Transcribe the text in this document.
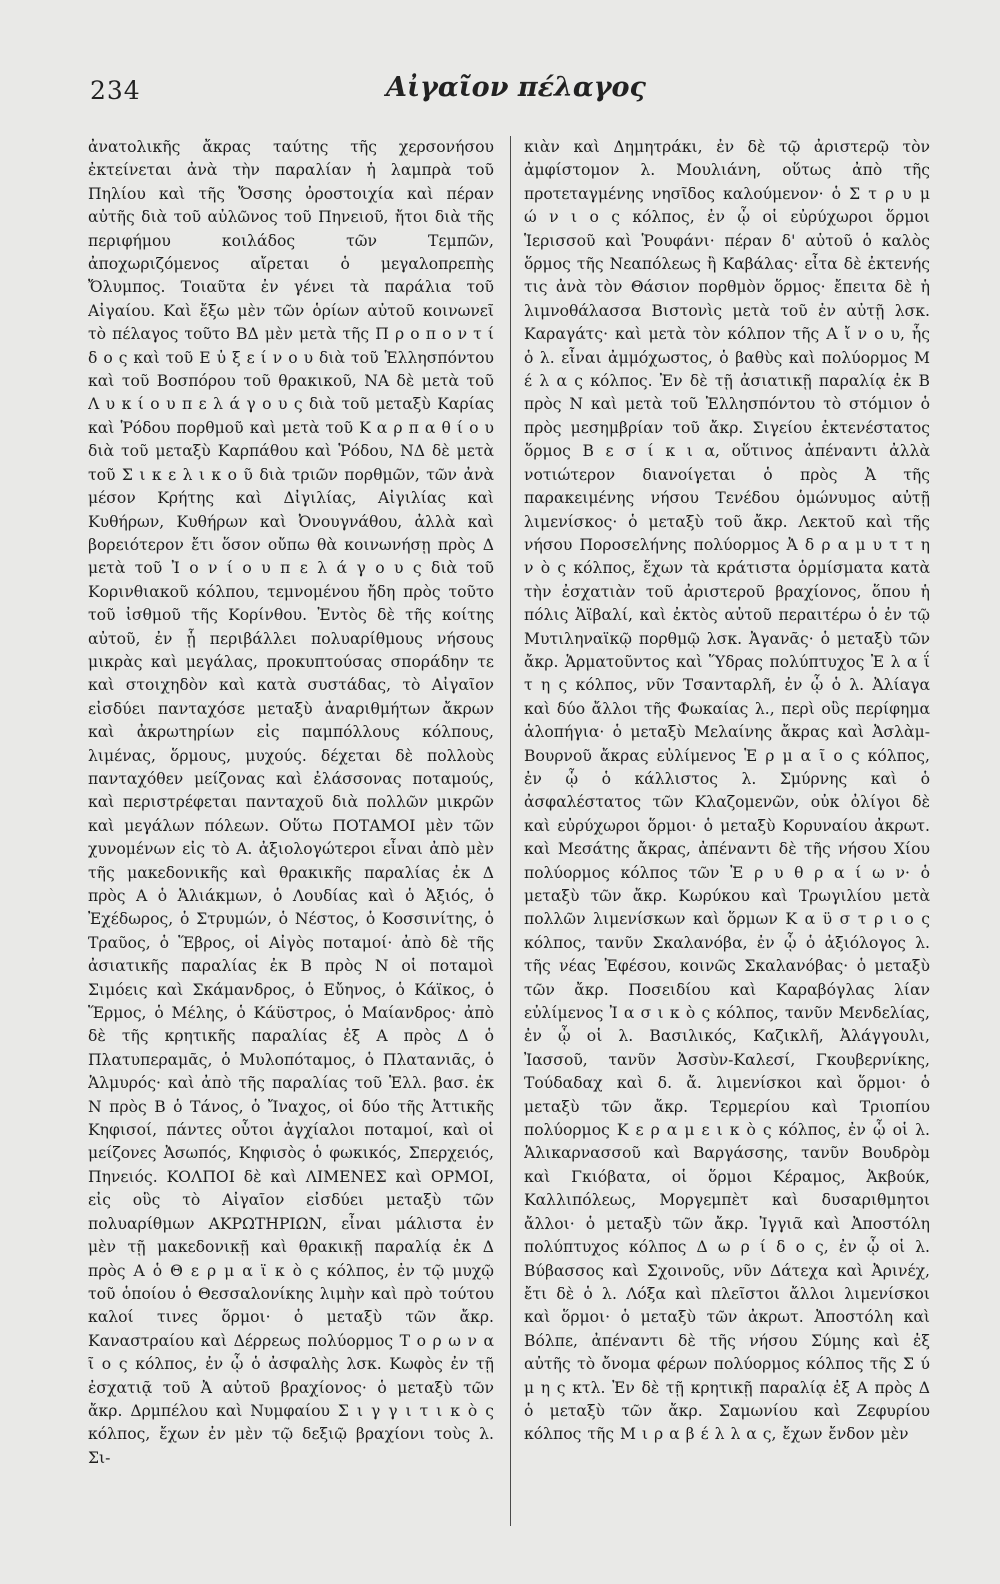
234	Αἰγαῖον πέλαγος

ἀνατολικῆς ἄκρας ταύτης τῆς χερσονήσου ἐκτείνεται ἀνὰ τὴν παραλίαν ἡ λαμπρὰ τοῦ Πηλίου καὶ τῆς Ὄσσης ὀροστοιχία καὶ πέραν αὐτῆς διὰ τοῦ αὐλῶνος τοῦ Πηνειοῦ, ἤτοι διὰ τῆς περιφήμου κοιλάδος τῶν Τεμπῶν, ἀποχωριζόμενος αἴρεται ὁ μεγαλοπρεπὴς Ὄλυμπος. Τοιαῦτα ἐν γένει τὰ παράλια τοῦ Αἰγαίου. Καὶ ἔξω μὲν τῶν ὁρίων αὐτοῦ κοινωνεῖ τὸ πέλαγος τοῦτο ΒΔ μὲν μετὰ τῆς Π ρ ο π ο ν τ ί δ ο ς καὶ τοῦ Ε ὐ ξ ε ί ν ο υ διὰ τοῦ Ἑλλησπόντου καὶ τοῦ Βοσπόρου τοῦ θρακικοῦ, ΝΑ δὲ μετὰ τοῦ Λ υ κ ί ο υ π ε λ ά γ ο υ ς διὰ τοῦ μεταξὺ Καρίας καὶ Ῥόδου πορθμοῦ καὶ μετὰ τοῦ Κ α ρ π α θ ί ο υ διὰ τοῦ μεταξὺ Καρπάθου καὶ Ῥόδου, ΝΔ δὲ μετὰ τοῦ Σ ι κ ε λ ι κ ο ῦ διὰ τριῶν πορθμῶν, τῶν ἀνὰ μέσον Κρήτης καὶ Δἰγιλίας, Αἰγιλίας καὶ Κυθήρων, Κυθήρων καὶ Ὀνουγνάθου, ἀλλὰ καὶ βορειότερον ἔτι ὅσον οὔπω θὰ κοινωνήσῃ πρὸς Δ μετὰ τοῦ Ἰ ο ν ί ο υ π ε λ ά γ ο υ ς διὰ τοῦ Κορινθιακοῦ κόλπου, τεμνομένου ἤδη πρὸς τοῦτο τοῦ ἰσθμοῦ τῆς Κορίνθου. Ἐντὸς δὲ τῆς κοίτης αὐτοῦ, ἐν ᾗ περιβάλλει πολυαρίθμους νήσους μικρὰς καὶ μεγάλας, προκυπτούσας σποράδην τε καὶ στοιχηδὸν καὶ κατὰ συστάδας, τὸ Αἰγαῖον εἰσδύει πανταχόσε μεταξὺ ἀναριθμήτων ἄκρων καὶ ἀκρωτηρίων εἰς παμπόλλους κόλπους, λιμένας, ὅρμους, μυχούς. δέχεται δὲ πολλοὺς πανταχόθεν μείζονας καὶ ἐλάσσονας ποταμούς, καὶ περιστρέφεται πανταχοῦ διὰ πολλῶν μικρῶν καὶ μεγάλων πόλεων. Οὕτω ΠΟΤΑΜΟΙ μὲν τῶν χυνομένων εἰς τὸ Α. ἀξιολογώτεροι εἶναι ἀπὸ μὲν τῆς μακεδονικῆς καὶ θρακικῆς παραλίας ἐκ Δ πρὸς Α ὁ Ἁλιάκμων, ὁ Λουδίας καὶ ὁ Ἀξιός, ὁ Ἐχέδωρος, ὁ Στρυμών, ὁ Νέστος, ὁ Κοσσινίτης, ὁ Τραῦος, ὁ Ἕβρος, οἱ Αἰγὸς ποταμοί· ἀπὸ δὲ τῆς ἀσιατικῆς παραλίας ἐκ Β πρὸς Ν οἱ ποταμοὶ Σιμόεις καὶ Σκάμανδρος, ὁ Εὔηνος, ὁ Κάϊκος, ὁ Ἕρμος, ὁ Μέλης, ὁ Κάϋστρος, ὁ Μαίανδρος· ἀπὸ δὲ τῆς κρητικῆς παραλίας ἐξ Α πρὸς Δ ὁ Πλατυπεραμᾶς, ὁ Μυλοπόταμος, ὁ Πλατανιᾶς, ὁ Ἁλμυρός· καὶ ἀπὸ τῆς παραλίας τοῦ Ἑλλ. βασ. ἐκ Ν πρὸς Β ὁ Τάνος, ὁ Ἴναχος, οἱ δύο τῆς Ἀττικῆς Κηφισοί, πάντες οὗτοι ἀγχίαλοι ποταμοί, καὶ οἱ μείζονες Ἀσωπός, Κηφισὸς ὁ φωκικός, Σπερχειός, Πηνειός. ΚΟΛΠΟΙ δὲ καὶ ΛΙΜΕΝΕΣ καὶ ΟΡΜΟΙ, εἰς οὓς τὸ Αἰγαῖον εἰσδύει μεταξὺ τῶν πολυαρίθμων ΑΚΡΩΤΗΡΙΩΝ, εἶναι μάλιστα ἐν μὲν τῇ μακεδονικῇ καὶ θρακικῇ παραλίᾳ ἐκ Δ πρὸς Α ὁ Θ ε ρ μ α ϊ κ ὸ ς κόλπος, ἐν τῷ μυχῷ τοῦ ὁποίου ὁ Θεσσαλονίκης λιμὴν καὶ πρὸ τούτου καλοί τινες ὅρμοι· ὁ μεταξὺ τῶν ἄκρ. Καναστραίου καὶ Δέρρεως πολύορμος Τ ο ρ ω ν α ῖ ο ς κόλπος, ἐν ᾧ ὁ ἀσφαλὴς λσκ. Κωφὸς ἐν τῇ ἐσχατιᾷ τοῦ Ἀ αὐτοῦ βραχίονος· ὁ μεταξὺ τῶν ἄκρ. Δρμπέλου καὶ Νυμφαίου Σ ι γ γ ι τ ι κ ὸ ς κόλπος, ἔχων ἐν μὲν τῷ δεξιῷ βραχίονι τοὺς λ. Σι-

κιὰν καὶ Δημητράκι, ἐν δὲ τῷ ἀριστερῷ τὸν ἀμφίστομον λ. Μουλιάνη, οὕτως ἀπὸ τῆς προτεταγμένης νησῖδος καλούμενον· ὁ Σ τ ρ υ μ ώ ν ι ο ς κόλπος, ἐν ᾧ οἱ εὐρύχωροι ὅρμοι Ἱερισσοῦ καὶ Ῥουφάνι· πέραν δ' αὐτοῦ ὁ καλὸς ὅρμος τῆς Νεαπόλεως ἢ Καβάλας· εἶτα δὲ ἐκτενής τις ἀνὰ τὸν Θάσιον πορθμὸν ὅρμος· ἔπειτα δὲ ἡ λιμνοθάλασσα Βιστονὶς μετὰ τοῦ ἐν αὐτῇ λσκ. Καραγάτς· καὶ μετὰ τὸν κόλπον τῆς Α ἴ ν ο υ, ἧς ὁ λ. εἶναι ἀμμόχωστος, ὁ βαθὺς καὶ πολύορμος Μ έ λ α ς κόλπος. Ἐν δὲ τῇ ἀσιατικῇ παραλίᾳ ἐκ Β πρὸς Ν καὶ μετὰ τοῦ Ἑλλησπόντου τὸ στόμιον ὁ πρὸς μεσημβρίαν τοῦ ἄκρ. Σιγείου ἐκτενέστατος ὅρμος Β ε σ ί κ ι α, οὕτινος ἀπέναντι ἀλλὰ νοτιώτερον διανοίγεται ὁ πρὸς Ἀ τῆς παρακειμένης νήσου Τενέδου ὁμώνυμος αὐτῇ λιμενίσκος· ὁ μεταξὺ τοῦ ἄκρ. Λεκτοῦ καὶ τῆς νήσου Ποροσελήνης πολύορμος Ἀ δ ρ α μ υ τ τ η ν ὸ ς κόλπος, ἔχων τὰ κράτιστα ὁρμίσματα κατὰ τὴν ἐσχατιὰν τοῦ ἀριστεροῦ βραχίονος, ὅπου ἡ πόλις Ἀϊβαλί, καὶ ἐκτὸς αὐτοῦ περαιτέρω ὁ ἐν τῷ Μυτιληναϊκῷ πορθμῷ λσκ. Ἀγανᾶς· ὁ μεταξὺ τῶν ἄκρ. Ἁρματοῦντος καὶ Ὕδρας πολύπτυχος Ἐ λ α ΐ τ η ς κόλπος, νῦν Τσανταρλῆ, ἐν ᾧ ὁ λ. Ἀλίαγα καὶ δύο ἄλλοι τῆς Φωκαίας λ., περὶ οὓς περίφημα ἁλοπήγια· ὁ μεταξὺ Μελαίνης ἄκρας καὶ Ἀσλὰμ-Βουρνοῦ ἄκρας εὐλίμενος Ἑ ρ μ α ῖ ο ς κόλπος, ἐν ᾧ ὁ κάλλιστος λ. Σμύρνης καὶ ὁ ἀσφαλέστατος τῶν Κλαζομενῶν, οὐκ ὀλίγοι δὲ καὶ εὐρύχωροι ὅρμοι· ὁ μεταξὺ Κορυναίου ἀκρωτ. καὶ Μεσάτης ἄκρας, ἀπέναντι δὲ τῆς νήσου Χίου πολύορμος κόλπος τῶν Ἐ ρ υ θ ρ α ί ω ν· ὁ μεταξὺ τῶν ἄκρ. Κωρύκου καὶ Τρωγιλίου μετὰ πολλῶν λιμενίσκων καὶ ὅρμων Κ α ϋ σ τ ρ ι ο ς κόλπος, τανῦν Σκαλανόβα, ἐν ᾧ ὁ ἀξιόλογος λ. τῆς νέας Ἐφέσου, κοινῶς Σκαλανόβας· ὁ μεταξὺ τῶν ἄκρ. Ποσειδίου καὶ Καραβόγλας λίαν εὐλίμενος Ἰ α σ ι κ ὸ ς κόλπος, τανῦν Μενδελίας, ἐν ᾧ οἱ λ. Βασιλικός, Καζικλῆ, Ἀλάγγουλι, Ἰασσοῦ, τανῦν Ἀσσὺν-Καλεσί, Γκουβερνίκης, Τούδαδαχ καὶ δ. ἄ. λιμενίσκοι καὶ ὅρμοι· ὁ μεταξὺ τῶν ἄκρ. Τερμερίου καὶ Τριοπίου πολύορμος Κ ε ρ α μ ε ι κ ὸ ς κόλπος, ἐν ᾧ οἱ λ. Ἁλικαρνασσοῦ καὶ Βαργάσσης, τανῦν Βουδρὸμ καὶ Γκιόβατα, οἱ ὅρμοι Κέραμος, Ἀκβούκ, Καλλιπόλεως, Μοργεμπὲτ καὶ δυσαριθμητοι ἄλλοι· ὁ μεταξὺ τῶν ἄκρ. Ἰγγιᾶ καὶ Ἀποστόλη πολύπτυχος κόλπος Δ ω ρ ί δ ο ς, ἐν ᾧ οἱ λ. Βύβασσος καὶ Σχοινοῦς, νῦν Δάτεχα καὶ Ἀρινέχ, ἔτι δὲ ὁ λ. Λόξα καὶ πλεῖστοι ἄλλοι λιμενίσκοι καὶ ὅρμοι· ὁ μεταξὺ τῶν ἀκρωτ. Ἀποστόλη καὶ Βόλπε, ἀπέναντι δὲ τῆς νήσου Σύμης καὶ ἐξ αὐτῆς τὸ ὄνομα φέρων πολύορμος κόλπος τῆς Σ ύ μ η ς κτλ. Ἐν δὲ τῇ κρητικῇ παραλίᾳ ἐξ Α πρὸς Δ ὁ μεταξὺ τῶν ἄκρ. Σαμωνίου καὶ Ζεφυρίου κόλπος τῆς Μ ι ρ α β έ λ λ α ς, ἔχων ἔνδον μὲν
